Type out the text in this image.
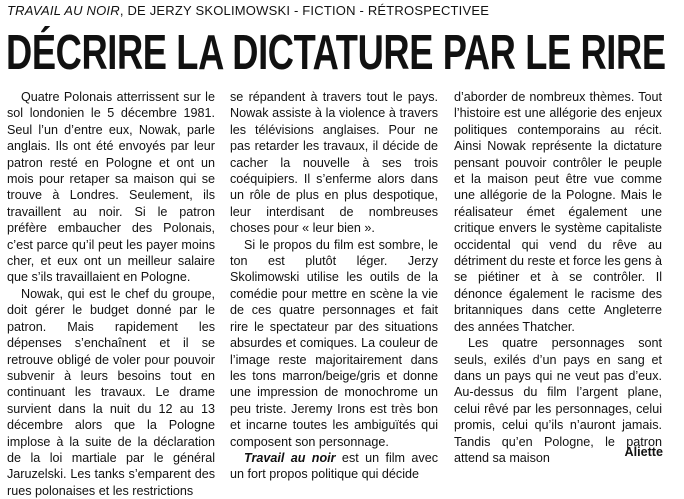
TRAVAIL AU NOIR, DE JERZY SKOLIMOWSKI - FICTION - RÉTROSPECTIVEE
DÉCRIRE LA DICTATURE PAR LE RIRE

Quatre Polonais atterrissent sur le sol londonien le 5 décembre 1981. Seul l’un d’entre eux, Nowak, parle anglais. Ils ont été envoyés par leur patron resté en Pologne et ont un mois pour retaper sa maison qui se trouve à Londres. Seulement, ils travaillent au noir. Si le patron préfère embaucher des Polonais, c’est parce qu’il peut les payer moins cher, et eux ont un meilleur salaire que s’ils travaillaient en Pologne.

Nowak, qui est le chef du groupe, doit gérer le budget donné par le patron. Mais rapidement les dépenses s’enchaînent et il se retrouve obligé de voler pour pouvoir subvenir à leurs besoins tout en continuant les travaux. Le drame survient dans la nuit du 12 au 13 décembre alors que la Pologne implose à la suite de la déclaration de la loi martiale par le général Jaruzelski. Les tanks s’emparent des rues polonaises et les restrictions

se répandent à travers tout le pays. Nowak assiste à la violence à travers les télévisions anglaises. Pour ne pas retarder les travaux, il décide de cacher la nouvelle à ses trois coéquipiers. Il s’enferme alors dans un rôle de plus en plus despotique, leur interdisant de nombreuses choses pour « leur bien ».

Si le propos du film est sombre, le ton est plutôt léger. Jerzy Skolimowski utilise les outils de la comédie pour mettre en scène la vie de ces quatre personnages et fait rire le spectateur par des situations absurdes et comiques. La couleur de l’image reste majoritairement dans les tons marron/beige/gris et donne une impression de monochrome un peu triste. Jeremy Irons est très bon et incarne toutes les ambiguïtés qui composent son personnage.

Travail au noir est un film avec un fort propos politique qui décide

d’aborder de nombreux thèmes. Tout l’histoire est une allégorie des enjeux politiques contemporains au récit. Ainsi Nowak représente la dictature pensant pouvoir contrôler le peuple et la maison peut être vue comme une allégorie de la Pologne. Mais le réalisateur émet également une critique envers le système capitaliste occidental qui vend du rêve au détriment du reste et force les gens à se piétiner et à se contrôler. Il dénonce également le racisme des britanniques dans cette Angleterre des années Thatcher.

Les quatre personnages sont seuls, exilés d’un pays en sang et dans un pays qui ne veut pas d’eux. Au-dessus du film l’argent plane, celui rêvé par les personnages, celui promis, celui qu’ils n’auront jamais. Tandis qu’en Pologne, le patron attend sa maison	Aliette
